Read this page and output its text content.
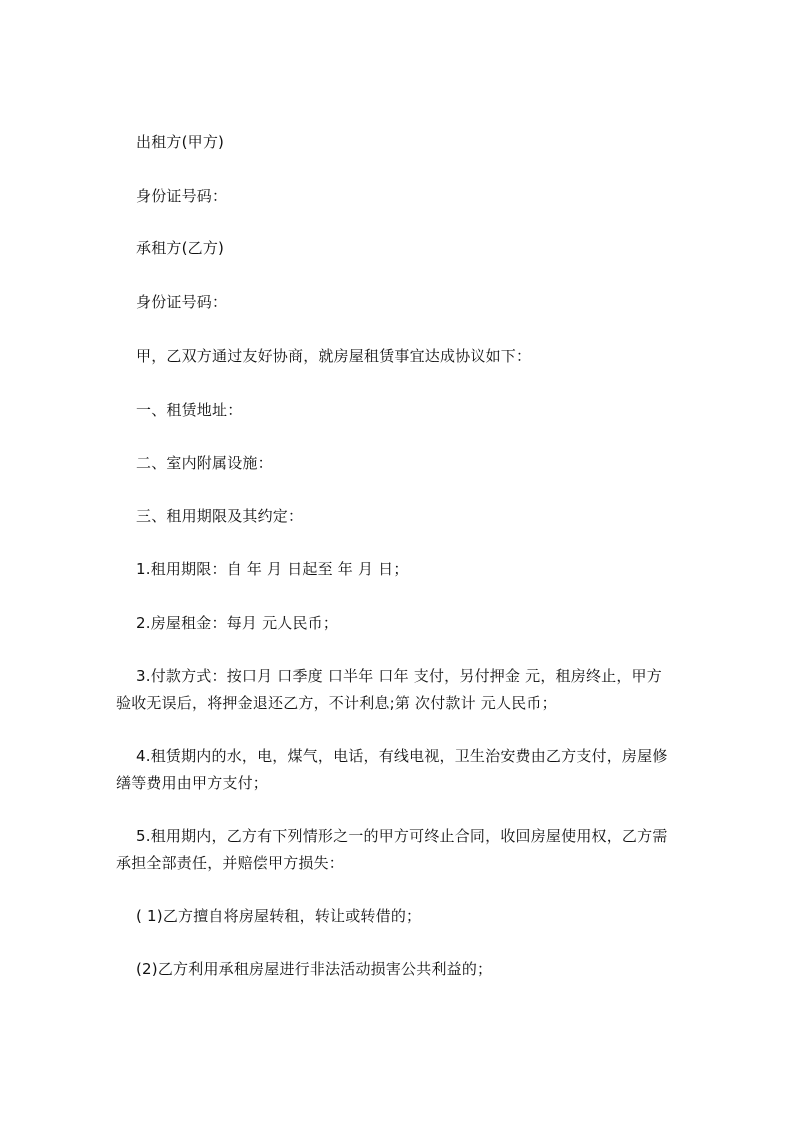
出租方(甲方)
身份证号码：
承租方(乙方)
身份证号码：
甲，乙双方通过友好协商，就房屋租赁事宜达成协议如下：
一、租赁地址：
二、室内附属设施：
三、租用期限及其约定：
1.租用期限：自 年 月 日起至 年 月 日；
2.房屋租金：每月 元人民币；
3.付款方式：按口月 口季度 口半年 口年 支付，另付押金 元，租房终止，甲方
验收无误后，将押金退还乙方，不计利息;第 次付款计 元人民币；
4.租赁期内的水，电，煤气，电话，有线电视，卫生治安费由乙方支付，房屋修
缮等费用由甲方支付；
5.租用期内，乙方有下列情形之一的甲方可终止合同，收回房屋使用权，乙方需
承担全部责任，并赔偿甲方损失：
( 1)乙方擅自将房屋转租，转让或转借的；
(2)乙方利用承租房屋进行非法活动损害公共利益的；
